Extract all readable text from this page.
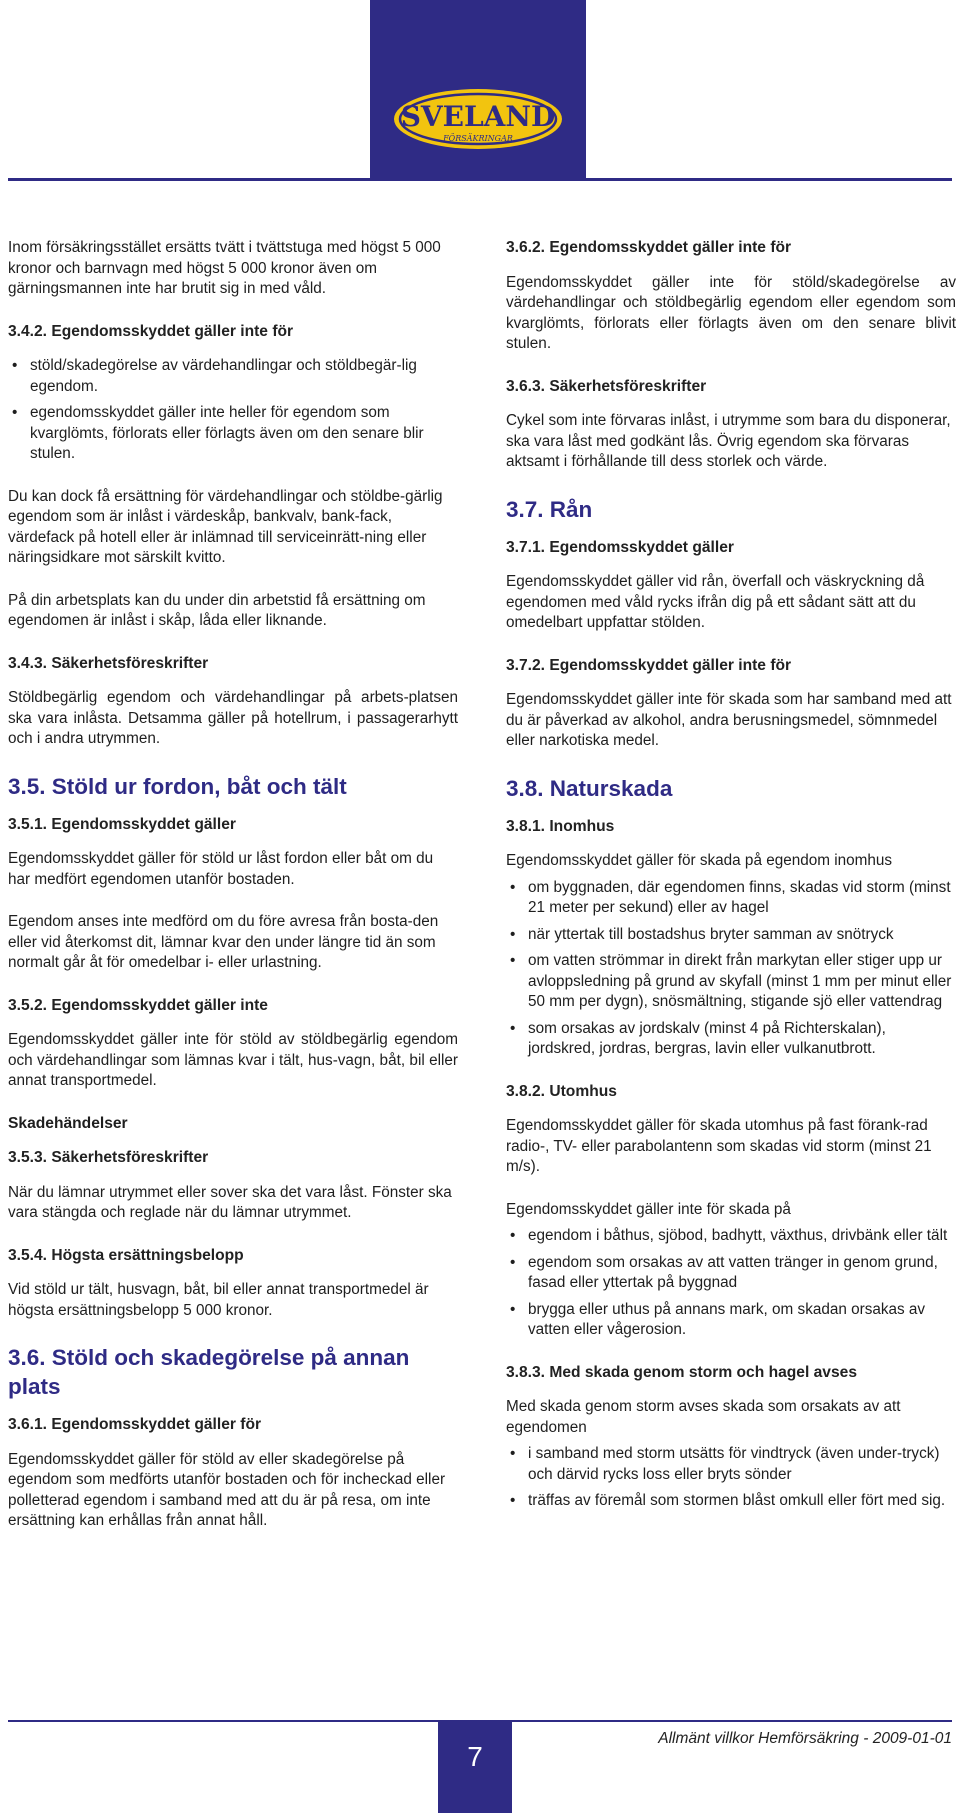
SVELAND
FÖRSÄKRINGAR

Inom försäkringsstället ersätts tvätt i tvättstuga med högst 5 000 kronor och barnvagn med högst 5 000 kronor även om gärningsmannen inte har brutit sig in med våld.

3.4.2. Egendomsskyddet gäller inte för
• stöld/skadegörelse av värdehandlingar och stöldbegär-lig egendom.
• egendomsskyddet gäller inte heller för egendom som kvarglömts, förlorats eller förlagts även om den senare blir stulen.

Du kan dock få ersättning för värdehandlingar och stöldbe-gärlig egendom som är inlåst i värdeskåp, bankvalv, bank-fack, värdefack på hotell eller är inlämnad till serviceinrätt-ning eller näringsidkare mot särskilt kvitto.

På din arbetsplats kan du under din arbetstid få ersättning om egendomen är inlåst i skåp, låda eller liknande.

3.4.3. Säkerhetsföreskrifter

Stöldbegärlig egendom och värdehandlingar på arbets-platsen ska vara inlåsta. Detsamma gäller på hotellrum, i passagerarhytt och i andra utrymmen.

3.5. Stöld ur fordon, båt och tält
3.5.1. Egendomsskyddet gäller

Egendomsskyddet gäller för stöld ur låst fordon eller båt om du har medfört egendomen utanför bostaden.

Egendom anses inte medförd om du före avresa från bosta-den eller vid återkomst dit, lämnar kvar den under längre tid än som normalt går åt för omedelbar i- eller urlastning.

3.5.2. Egendomsskyddet gäller inte

Egendomsskyddet gäller inte för stöld av stöldbegärlig egendom och värdehandlingar som lämnas kvar i tält, hus-vagn, båt, bil eller annat transportmedel.

Skadehändelser
3.5.3. Säkerhetsföreskrifter

När du lämnar utrymmet eller sover ska det vara låst. Fönster ska vara stängda och reglade när du lämnar utrymmet.

3.5.4. Högsta ersättningsbelopp

Vid stöld ur tält, husvagn, båt, bil eller annat transportmedel är högsta ersättningsbelopp 5 000 kronor.

3.6. Stöld och skadegörelse på annan plats
3.6.1. Egendomsskyddet gäller för

Egendomsskyddet gäller för stöld av eller skadegörelse på egendom som medförts utanför bostaden och för incheckad eller polletterad egendom i samband med att du är på resa, om inte ersättning kan erhållas från annat håll.

3.6.2. Egendomsskyddet gäller inte för

Egendomsskyddet gäller inte för stöld/skadegörelse av värdehandlingar och stöldbegärlig egendom eller egendom som kvarglömts, förlorats eller förlagts även om den senare blivit stulen.

3.6.3. Säkerhetsföreskrifter

Cykel som inte förvaras inlåst, i utrymme som bara du disponerar, ska vara låst med godkänt lås. Övrig egendom ska förvaras aktsamt i förhållande till dess storlek och värde.

3.7. Rån
3.7.1. Egendomsskyddet gäller

Egendomsskyddet gäller vid rån, överfall och väskryckning då egendomen med våld rycks ifrån dig på ett sådant sätt att du omedelbart uppfattar stölden.

3.7.2. Egendomsskyddet gäller inte för

Egendomsskyddet gäller inte för skada som har samband med att du är påverkad av alkohol, andra berusningsmedel, sömnmedel eller narkotiska medel.

3.8. Naturskada
3.8.1. Inomhus

Egendomsskyddet gäller för skada på egendom inomhus

• om byggnaden, där egendomen finns, skadas vid storm (minst 21 meter per sekund) eller av hagel
• när yttertak till bostadshus bryter samman av snötryck
• om vatten strömmar in direkt från markytan eller stiger upp ur avloppsledning på grund av skyfall (minst 1 mm per minut eller 50 mm per dygn), snösmältning, stigande sjö eller vattendrag
• som orsakas av jordskalv (minst 4 på Richterskalan), jordskred, jordras, bergras, lavin eller vulkanutbrott.
3.8.2. Utomhus

Egendomsskyddet gäller för skada utomhus på fast förank-rad radio-, TV- eller parabolantenn som skadas vid storm (minst 21 m/s).

Egendomsskyddet gäller inte för skada på

• egendom i båthus, sjöbod, badhytt, växthus, drivbänk eller tält
• egendom som orsakas av att vatten tränger in genom grund, fasad eller yttertak på byggnad
• brygga eller uthus på annans mark, om skadan orsakas av vatten eller vågerosion.
3.8.3. Med skada genom storm och hagel avses

Med skada genom storm avses skada som orsakats av att egendomen

• i samband med storm utsätts för vindtryck (även under-tryck) och därvid rycks loss eller bryts sönder
• träffas av föremål som stormen blåst omkull eller fört med sig.
7
Allmänt villkor Hemförsäkring - 2009-01-01
